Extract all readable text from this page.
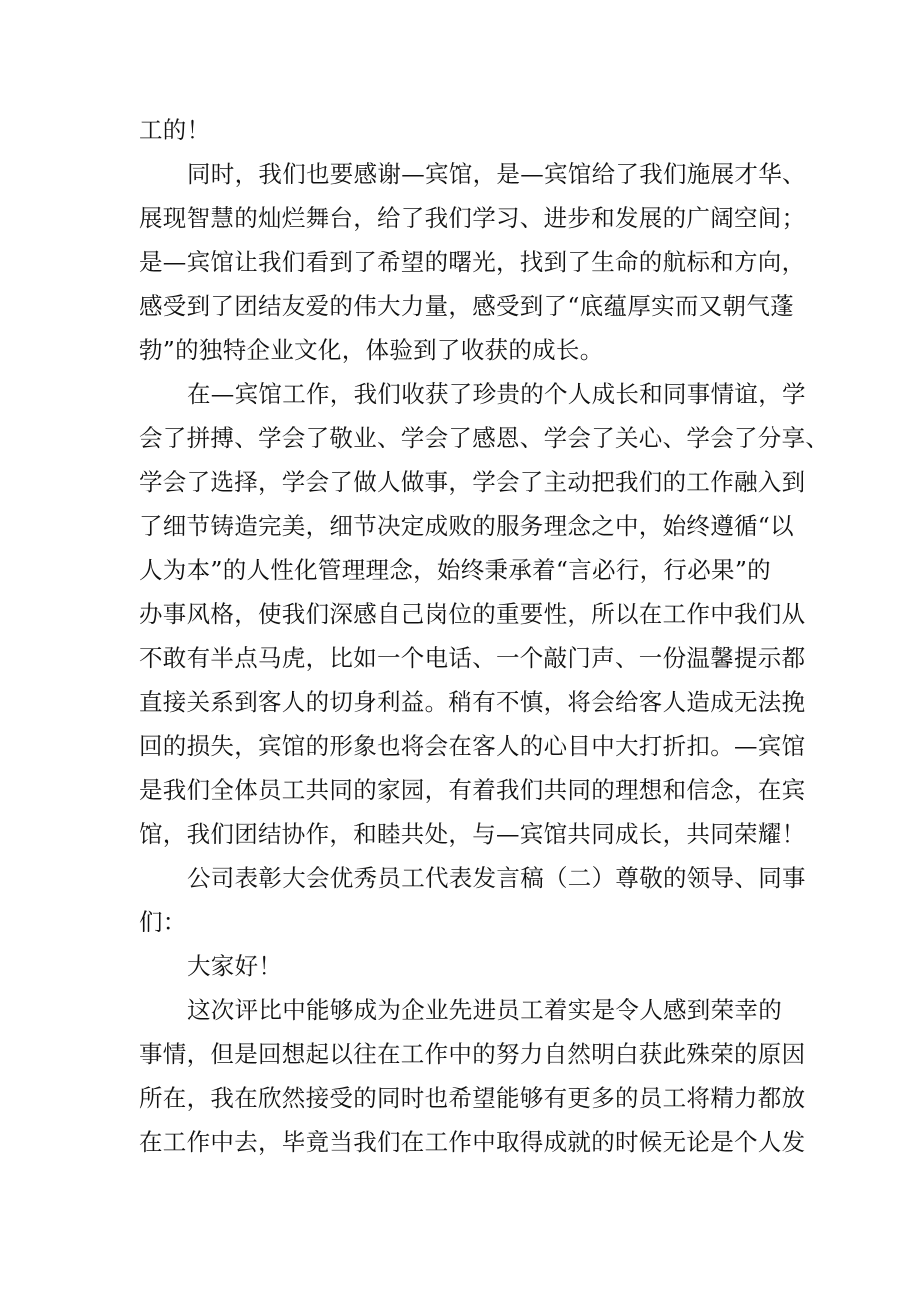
工的！
同时，我们也要感谢—宾馆，是—宾馆给了我们施展才华、
展现智慧的灿烂舞台，给了我们学习、进步和发展的广阔空间；
是—宾馆让我们看到了希望的曙光，找到了生命的航标和方向，
感受到了团结友爱的伟大力量，感受到了“底蕴厚实而又朝气蓬
勃”的独特企业文化，体验到了收获的成长。
在—宾馆工作，我们收获了珍贵的个人成长和同事情谊，学
会了拼搏、学会了敬业、学会了感恩、学会了关心、学会了分享、
学会了选择，学会了做人做事，学会了主动把我们的工作融入到
了细节铸造完美，细节决定成败的服务理念之中，始终遵循“以
人为本”的人性化管理理念，始终秉承着“言必行，行必果”的
办事风格，使我们深感自己岗位的重要性，所以在工作中我们从
不敢有半点马虎，比如一个电话、一个敲门声、一份温馨提示都
直接关系到客人的切身利益。稍有不慎，将会给客人造成无法挽
回的损失，宾馆的形象也将会在客人的心目中大打折扣。—宾馆
是我们全体员工共同的家园，有着我们共同的理想和信念，在宾
馆，我们团结协作，和睦共处，与—宾馆共同成长，共同荣耀！
公司表彰大会优秀员工代表发言稿（二）尊敬的领导、同事
们：
大家好！
这次评比中能够成为企业先进员工着实是令人感到荣幸的
事情，但是回想起以往在工作中的努力自然明白获此殊荣的原因
所在，我在欣然接受的同时也希望能够有更多的员工将精力都放
在工作中去，毕竟当我们在工作中取得成就的时候无论是个人发
